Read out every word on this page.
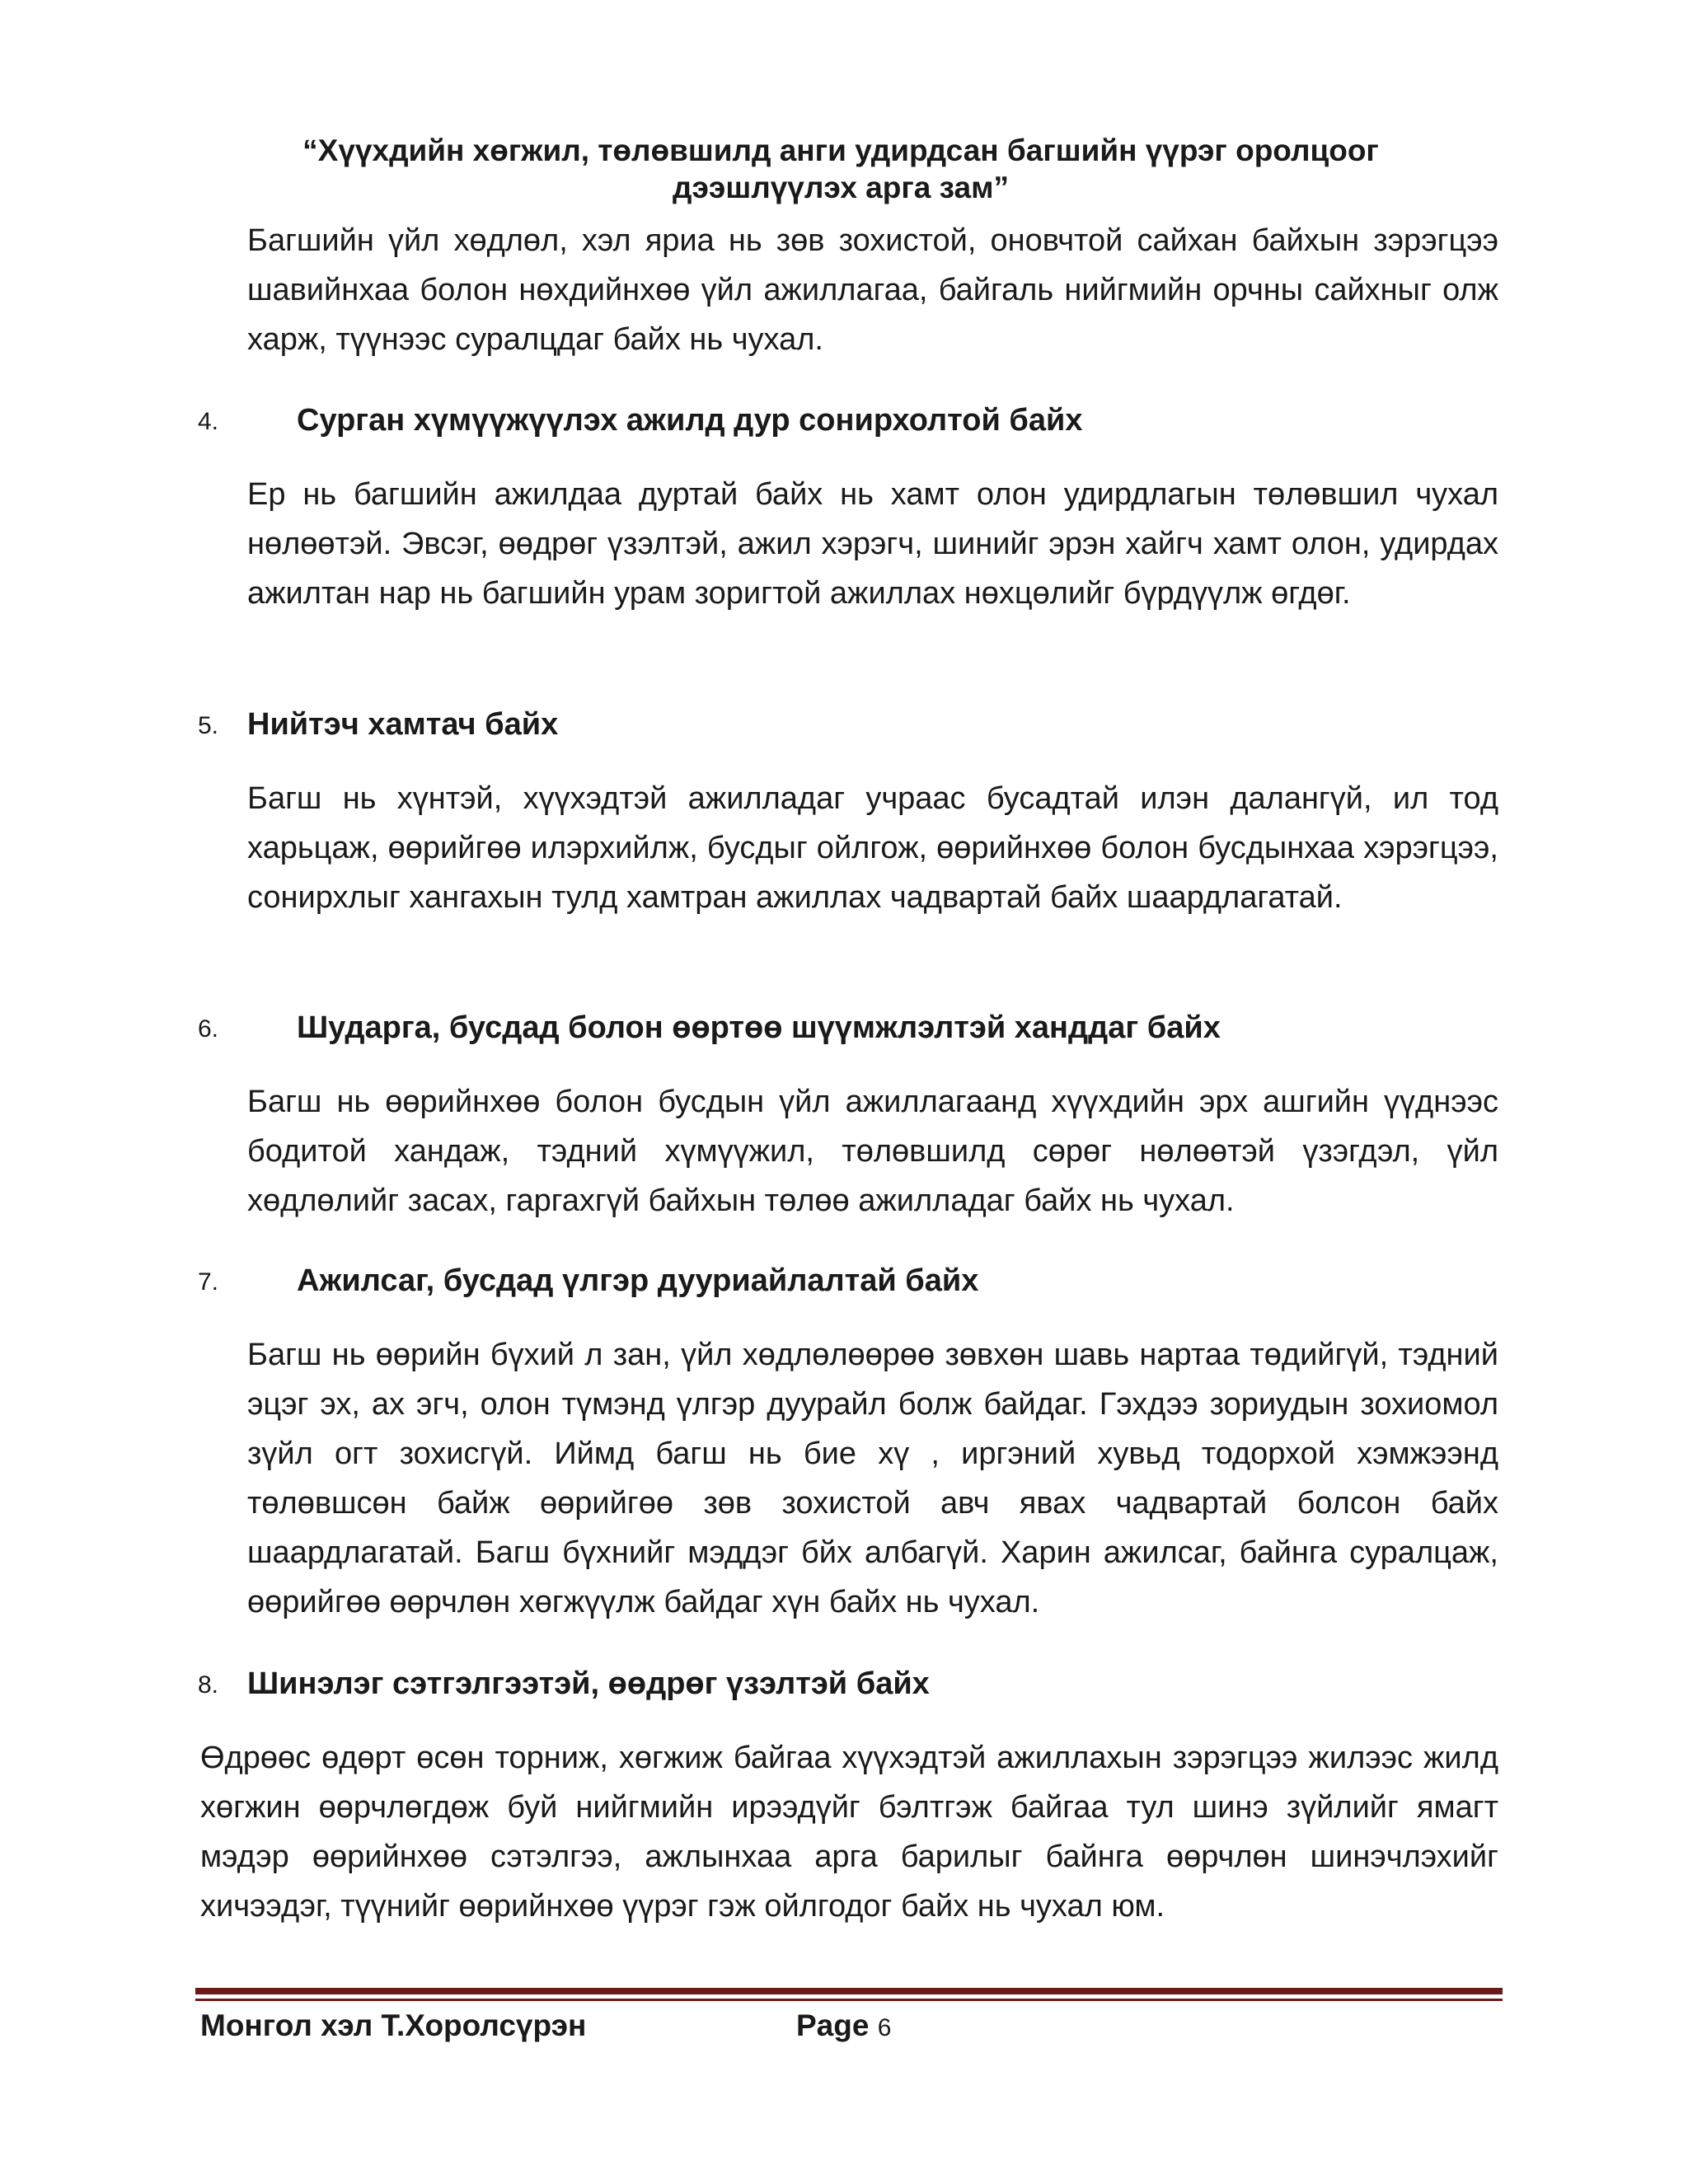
“Хүүхдийн хөгжил, төлөвшилд анги удирдсан багшийн үүрэг оролцоог
дээшлүүлэх арга зам”

Багшийн үйл хөдлөл, хэл яриа нь зөв зохистой, оновчтой сайхан байхын зэрэгцээ шавийнхаа болон нөхдийнхөө үйл ажиллагаа, байгаль нийгмийн орчны сайхныг олж харж, түүнээс суралцдаг байх нь чухал.

4. Сурган хүмүүжүүлэх ажилд дур сонирхолтой байх

Ер нь багшийн ажилдаа дуртай байх нь хамт олон удирдлагын төлөвшил чухал нөлөөтэй. Эвсэг, өөдрөг үзэлтэй, ажил хэрэгч, шинийг эрэн хайгч хамт олон, удирдах ажилтан нар нь багшийн урам зоригтой ажиллах нөхцөлийг бүрдүүлж өгдөг.

5. Нийтэч хамтач байх

Багш нь хүнтэй, хүүхэдтэй ажилладаг учраас бусадтай илэн далангүй, ил тод харьцаж, өөрийгөө илэрхийлж, бусдыг ойлгож, өөрийнхөө болон бусдынхаа хэрэгцээ, сонирхлыг хангахын тулд хамтран ажиллах чадвартай байх шаардлагатай.

6. Шударга, бусдад болон өөртөө шүүмжлэлтэй ханддаг байх

Багш нь өөрийнхөө болон бусдын үйл ажиллагаанд хүүхдийн эрх ашгийн үүднээс бодитой хандаж, тэдний хүмүүжил, төлөвшилд сөрөг нөлөөтэй үзэгдэл, үйл хөдлөлийг засах, гаргахгүй байхын төлөө ажилладаг байх нь чухал.

7. Ажилсаг, бусдад үлгэр дууриайлалтай байх

Багш нь өөрийн бүхий л зан, үйл хөдлөлөөрөө зөвхөн шавь нартаа төдийгүй, тэдний эцэг эх, ах эгч, олон түмэнд үлгэр дуурайл болж байдаг. Гэхдээ зориудын зохиомол зүйл огт зохисгүй. Иймд багш нь бие хү , иргэний хувьд тодорхой хэмжээнд төлөвшсөн байж өөрийгөө зөв зохистой авч явах чадвартай болсон байх шаардлагатай. Багш бүхнийг мэддэг бйх албагүй. Харин ажилсаг, байнга суралцаж, өөрийгөө өөрчлөн хөгжүүлж байдаг хүн байх нь чухал.

8. Шинэлэг сэтгэлгээтэй, өөдрөг үзэлтэй байх

Өдрөөс өдөрт өсөн торниж, хөгжиж байгаа хүүхэдтэй ажиллахын зэрэгцээ жилээс жилд хөгжин өөрчлөгдөж буй нийгмийн ирээдүйг бэлтгэж байгаа тул шинэ зүйлийг ямагт мэдэр өөрийнхөө сэтэлгээ, ажлынхаа арга барилыг байнга өөрчлөн шинэчлэхийг хичээдэг, түүнийг өөрийнхөө үүрэг гэж ойлгодог байх нь чухал юм.

Монгол хэл Т.Хоролсүрэн	Page 6
